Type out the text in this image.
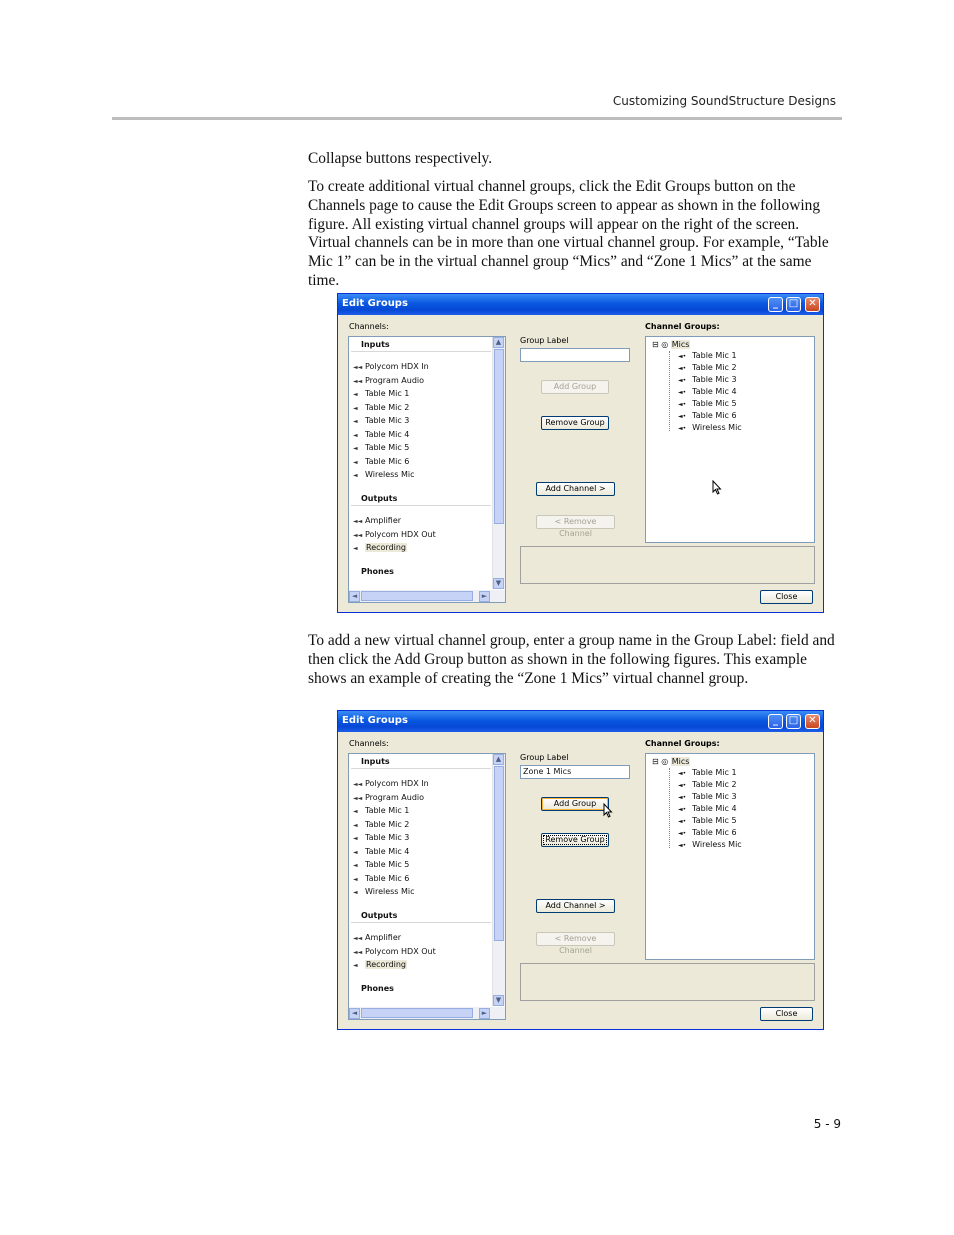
Customizing SoundStructure Designs

Collapse buttons respectively.

To create additional virtual channel groups, click the Edit Groups button on the Channels page to cause the Edit Groups screen to appear as shown in the following figure. All existing virtual channel groups will appear on the right of the screen. Virtual channels can be in more than one virtual channel group. For example, “Table Mic 1” can be in the virtual channel group “Mics” and “Zone 1 Mics” at the same time.

Edit Groups	_	□	✕
Channels:
Group Label
Channel Groups:
Inputs
◄◄ Polycom HDX In
◄◄ Program Audio
◄ Table Mic 1
◄ Table Mic 2
◄ Table Mic 3
◄ Table Mic 4
◄ Table Mic 5
◄ Table Mic 6
◄ Wireless Mic
Outputs
◄◄ Amplifier
◄◄ Polycom HDX Out
◄ Recording
Phones
▲
▼
◄	►
Add Group
Remove Group
Add Channel >
< Remove Channel
⊟ ◎ Mics
◄• Table Mic 1
◄• Table Mic 2
◄• Table Mic 3
◄• Table Mic 4
◄• Table Mic 5
◄• Table Mic 6
◄• Wireless Mic
Close

To add a new virtual channel group, enter a group name in the Group Label: field and then click the Add Group button as shown in the following figures. This example shows an example of creating the “Zone 1 Mics” virtual channel group.

Edit Groups	_	□	✕
Channels:
Group Label
Channel Groups:
Inputs
◄◄ Polycom HDX In
◄◄ Program Audio
◄ Table Mic 1
◄ Table Mic 2
◄ Table Mic 3
◄ Table Mic 4
◄ Table Mic 5
◄ Table Mic 6
◄ Wireless Mic
Outputs
◄◄ Amplifier
◄◄ Polycom HDX Out
◄ Recording
Phones
▲
▼
◄	►
Zone 1 Mics
Add Group
Remove Group
Add Channel >
< Remove Channel
⊟ ◎ Mics
◄• Table Mic 1
◄• Table Mic 2
◄• Table Mic 3
◄• Table Mic 4
◄• Table Mic 5
◄• Table Mic 6
◄• Wireless Mic
Close
5 - 9
